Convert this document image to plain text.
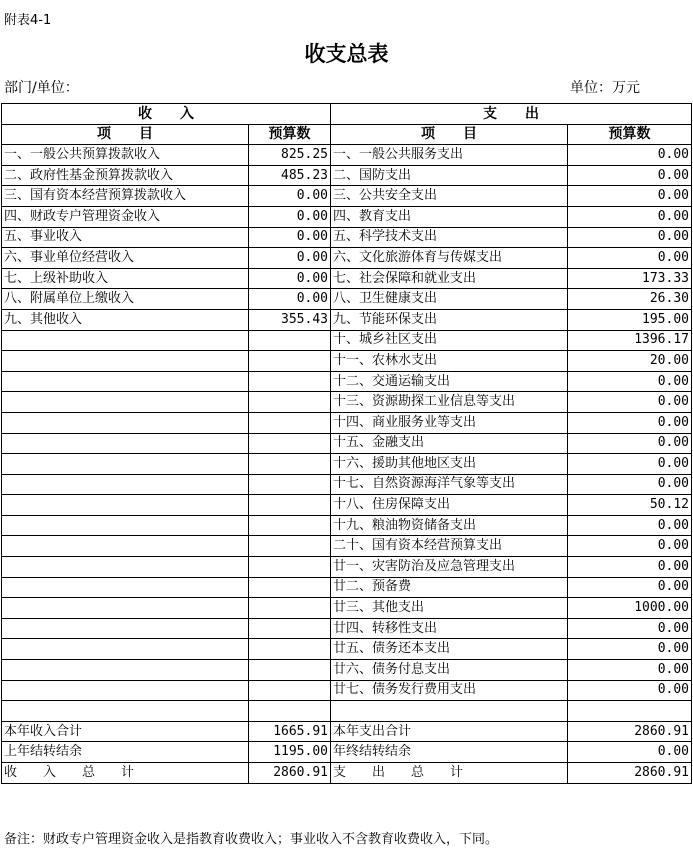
附表4-1
收支总表
部门/单位：	单位：万元
收　　入		支　　出	
项　　目	预算数	项　　目	预算数
一、一般公共预算拨款收入	825.25	一、一般公共服务支出	0.00
二、政府性基金预算拨款收入	485.23	二、国防支出	0.00
三、国有资本经营预算拨款收入	0.00	三、公共安全支出	0.00
四、财政专户管理资金收入	0.00	四、教育支出	0.00
五、事业收入	0.00	五、科学技术支出	0.00
六、事业单位经营收入	0.00	六、文化旅游体育与传媒支出	0.00
七、上级补助收入	0.00	七、社会保障和就业支出	173.33
八、附属单位上缴收入	0.00	八、卫生健康支出	26.30
九、其他收入	355.43	九、节能环保支出	195.00
		十、城乡社区支出	1396.17
		十一、农林水支出	20.00
		十二、交通运输支出	0.00
		十三、资源勘探工业信息等支出	0.00
		十四、商业服务业等支出	0.00
		十五、金融支出	0.00
		十六、援助其他地区支出	0.00
		十七、自然资源海洋气象等支出	0.00
		十八、住房保障支出	50.12
		十九、粮油物资储备支出	0.00
		二十、国有资本经营预算支出	0.00
		廿一、灾害防治及应急管理支出	0.00
		廿二、预备费	0.00
		廿三、其他支出	1000.00
		廿四、转移性支出	0.00
		廿五、债务还本支出	0.00
		廿六、债务付息支出	0.00
		廿七、债务发行费用支出	0.00

本年收入合计	1665.91	本年支出合计	2860.91
上年结转结余	1195.00	年终结转结余	0.00
收　　入　　总　　计	2860.91	支　　出　　总　　计	2860.91
备注：财政专户管理资金收入是指教育收费收入；事业收入不含教育收费收入，下同。
